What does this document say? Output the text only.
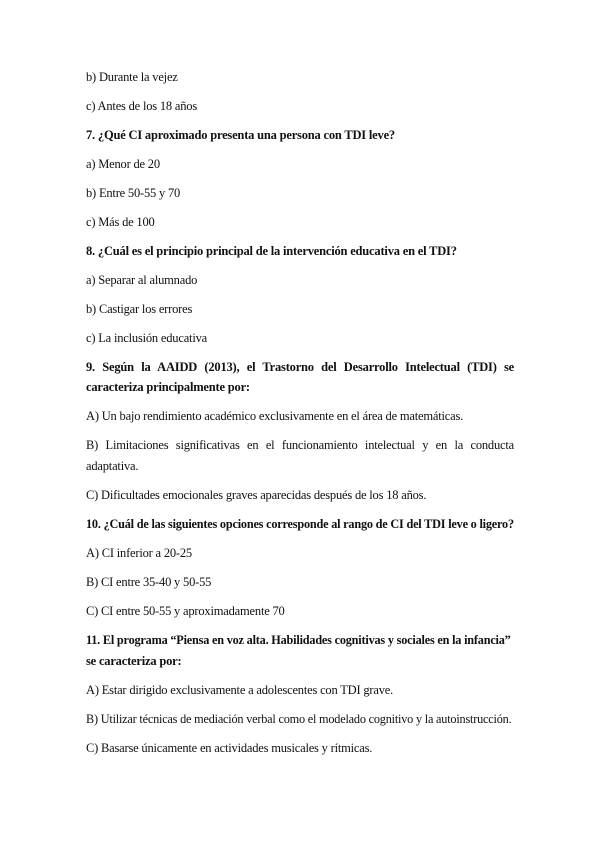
b) Durante la vejez
c) Antes de los 18 años
7. ¿Qué CI aproximado presenta una persona con TDI leve?
a) Menor de 20
b) Entre 50-55 y 70
c) Más de 100
8. ¿Cuál es el principio principal de la intervención educativa en el TDI?
a) Separar al alumnado
b) Castigar los errores
c) La inclusión educativa
9. Según la AAIDD (2013), el Trastorno del Desarrollo Intelectual (TDI) se
caracteriza principalmente por:
A) Un bajo rendimiento académico exclusivamente en el área de matemáticas.
B) Limitaciones significativas en el funcionamiento intelectual y en la conducta
adaptativa.
C) Dificultades emocionales graves aparecidas después de los 18 años.
10. ¿Cuál de las siguientes opciones corresponde al rango de CI del TDI leve o ligero?
A) CI inferior a 20-25
B) CI entre 35-40 y 50-55
C) CI entre 50-55 y aproximadamente 70
11. El programa “Piensa en voz alta. Habilidades cognitivas y sociales en la infancia”
se caracteriza por:
A) Estar dirigido exclusivamente a adolescentes con TDI grave.
B) Utilizar técnicas de mediación verbal como el modelado cognitivo y la autoinstrucción.
C) Basarse únicamente en actividades musicales y rítmicas.
